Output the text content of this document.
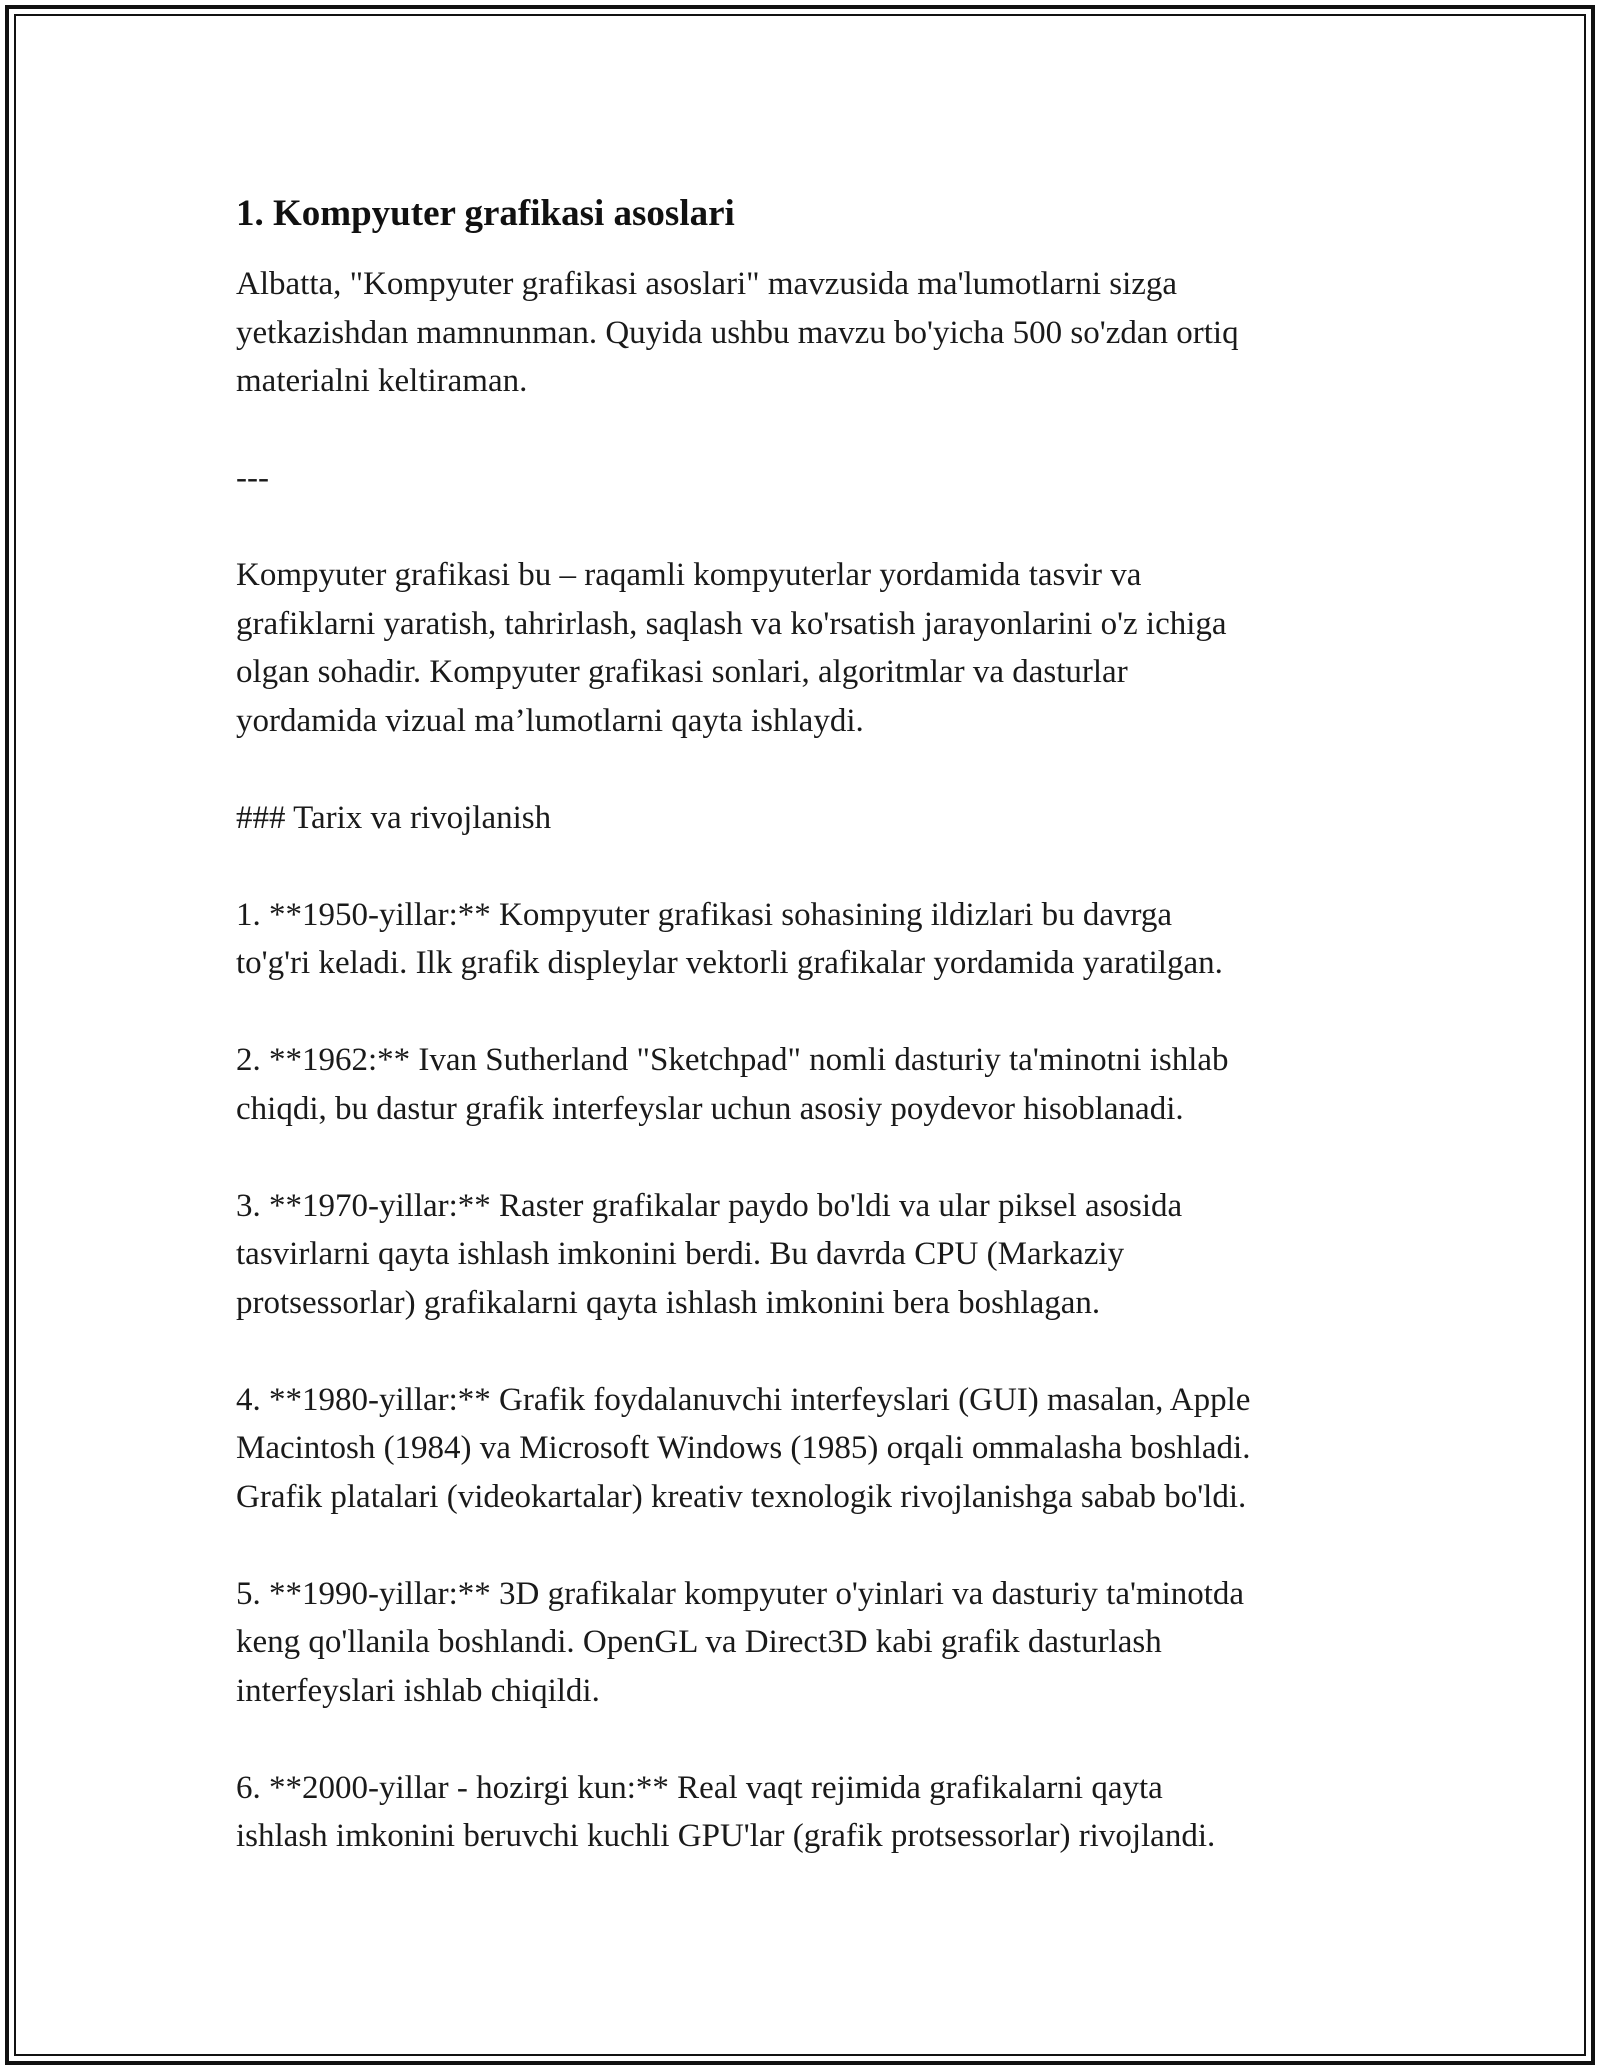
1. Kompyuter grafikasi asoslari
Albatta, "Kompyuter grafikasi asoslari" mavzusida ma'lumotlarni sizga
yetkazishdan mamnunman. Quyida ushbu mavzu bo'yicha 500 so'zdan ortiq
materialni keltiraman.
---
Kompyuter grafikasi bu – raqamli kompyuterlar yordamida tasvir va
grafiklarni yaratish, tahrirlash, saqlash va ko'rsatish jarayonlarini o'z ichiga
olgan sohadir. Kompyuter grafikasi sonlari, algoritmlar va dasturlar
yordamida vizual ma’lumotlarni qayta ishlaydi.
### Tarix va rivojlanish
1. **1950-yillar:** Kompyuter grafikasi sohasining ildizlari bu davrga
to'g'ri keladi. Ilk grafik displeylar vektorli grafikalar yordamida yaratilgan.
2. **1962:** Ivan Sutherland "Sketchpad" nomli dasturiy ta'minotni ishlab
chiqdi, bu dastur grafik interfeyslar uchun asosiy poydevor hisoblanadi.
3. **1970-yillar:** Raster grafikalar paydo bo'ldi va ular piksel asosida
tasvirlarni qayta ishlash imkonini berdi. Bu davrda CPU (Markaziy
protsessorlar) grafikalarni qayta ishlash imkonini bera boshlagan.
4. **1980-yillar:** Grafik foydalanuvchi interfeyslari (GUI) masalan, Apple
Macintosh (1984) va Microsoft Windows (1985) orqali ommalasha boshladi.
Grafik platalari (videokartalar) kreativ texnologik rivojlanishga sabab bo'ldi.
5. **1990-yillar:** 3D grafikalar kompyuter o'yinlari va dasturiy ta'minotda
keng qo'llanila boshlandi. OpenGL va Direct3D kabi grafik dasturlash
interfeyslari ishlab chiqildi.
6. **2000-yillar - hozirgi kun:** Real vaqt rejimida grafikalarni qayta
ishlash imkonini beruvchi kuchli GPU'lar (grafik protsessorlar) rivojlandi.
